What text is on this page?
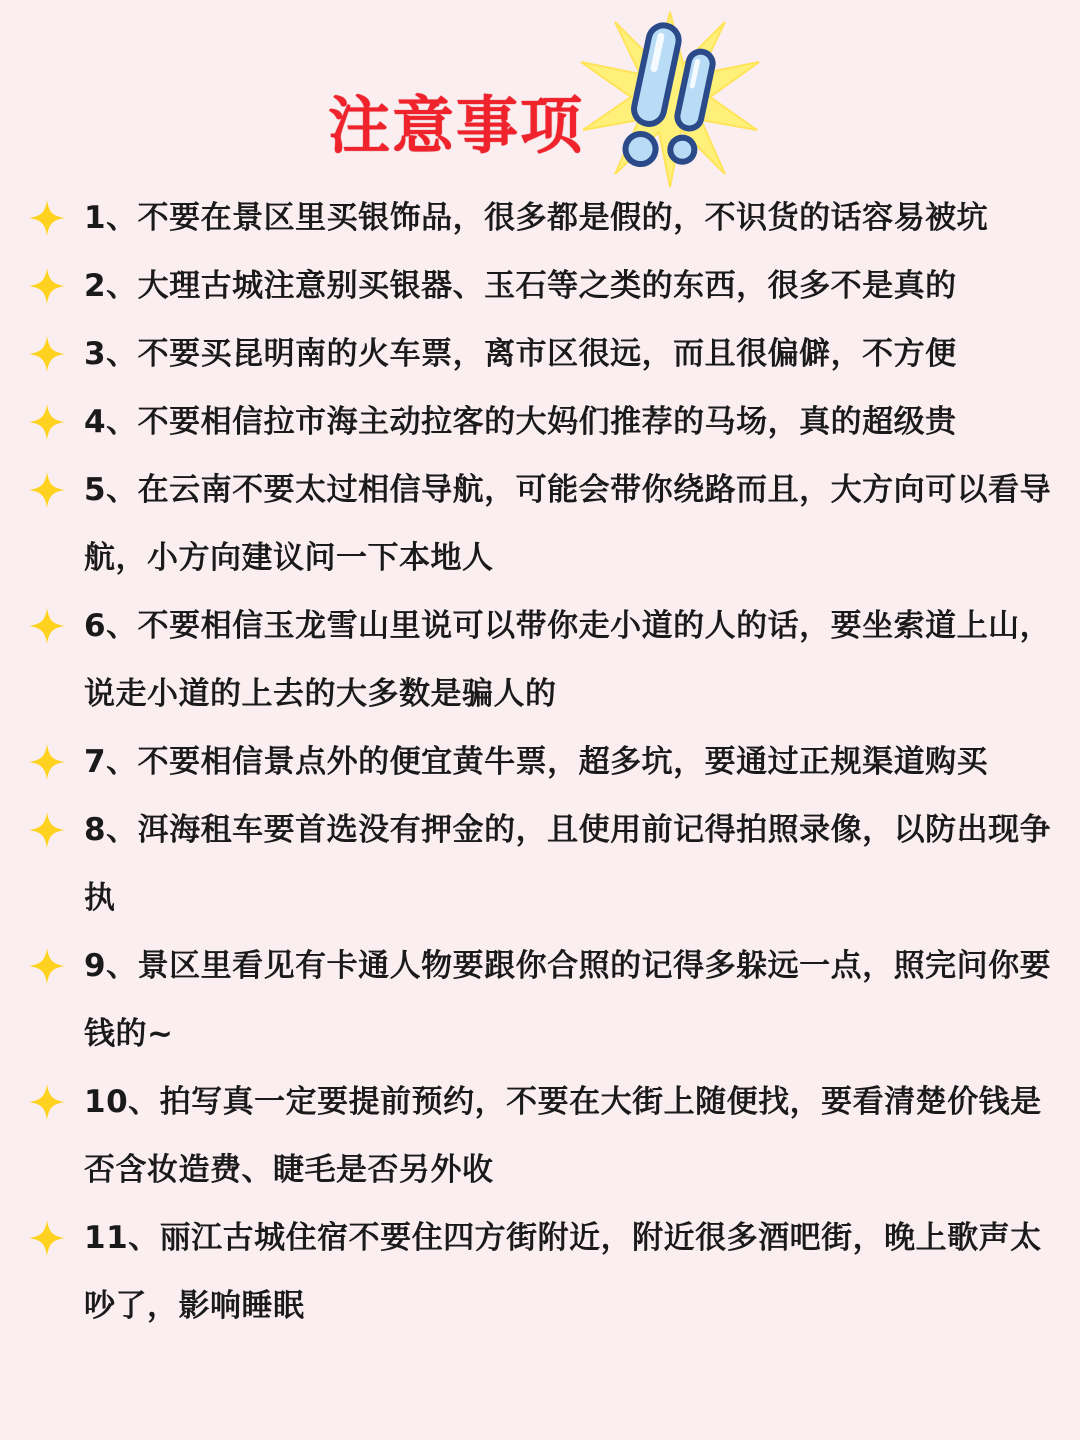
注意事项
1、不要在景区里买银饰品，很多都是假的，不识货的话容易被坑
2、大理古城注意别买银器、玉石等之类的东西，很多不是真的
3、不要买昆明南的火车票，离市区很远，而且很偏僻，不方便
4、不要相信拉市海主动拉客的大妈们推荐的马场，真的超级贵
5、在云南不要太过相信导航，可能会带你绕路而且，大方向可以看导航，小方向建议问一下本地人
6、不要相信玉龙雪山里说可以带你走小道的人的话，要坐索道上山，说走小道的上去的大多数是骗人的
7、不要相信景点外的便宜黄牛票，超多坑，要通过正规渠道购买
8、洱海租车要首选没有押金的，且使用前记得拍照录像，以防出现争执
9、景区里看见有卡通人物要跟你合照的记得多躲远一点，照完问你要钱的~
10、拍写真一定要提前预约，不要在大街上随便找，要看清楚价钱是否含妆造费、睫毛是否另外收
11、丽江古城住宿不要住四方街附近，附近很多酒吧街，晚上歌声太吵了，影响睡眠
